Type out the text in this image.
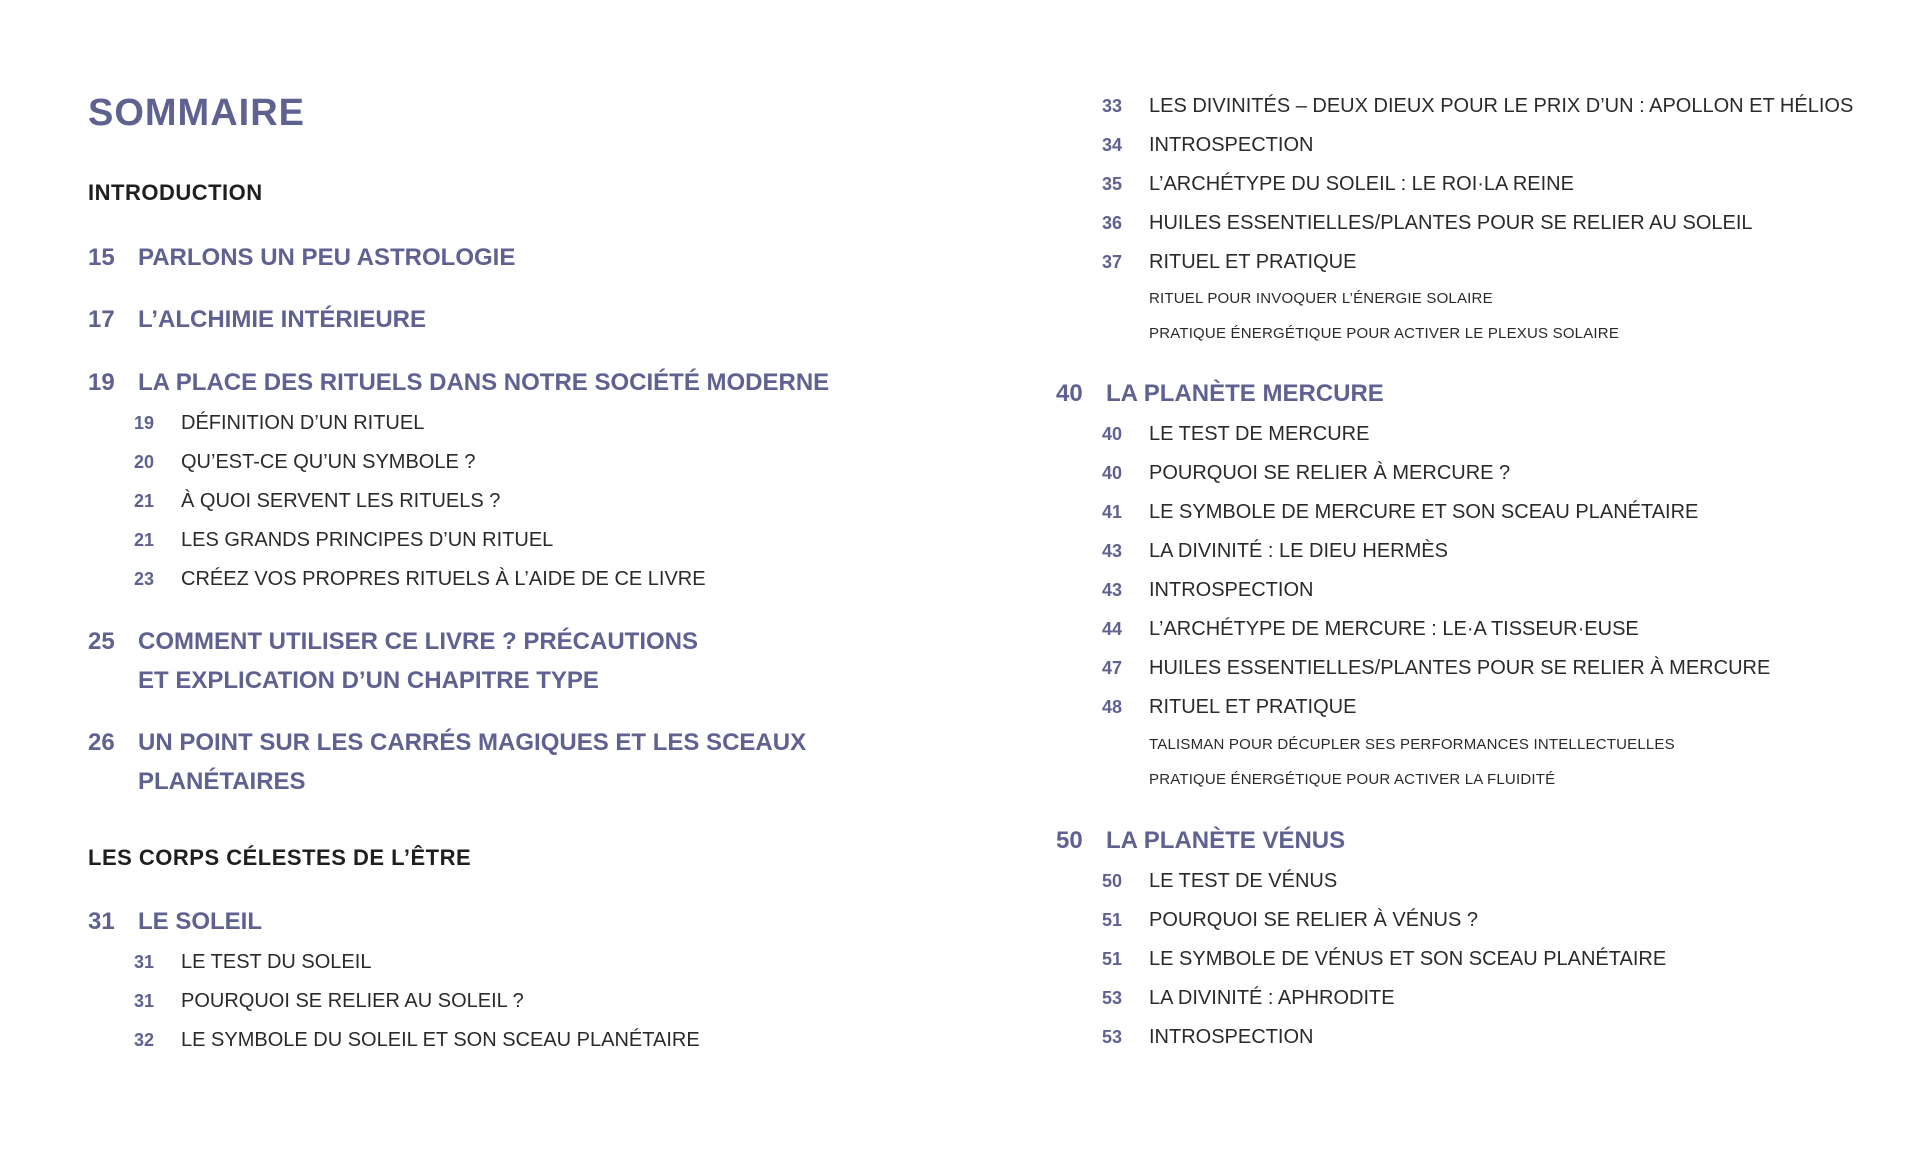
SOMMAIRE
INTRODUCTION
15 PARLONS UN PEU ASTROLOGIE
17 L’ALCHIMIE INTÉRIEURE
19 LA PLACE DES RITUELS DANS NOTRE SOCIÉTÉ MODERNE
19 DÉFINITION D’UN RITUEL
20 QU’EST-CE QU’UN SYMBOLE ?
21 À QUOI SERVENT LES RITUELS ?
21 LES GRANDS PRINCIPES D’UN RITUEL
23 CRÉEZ VOS PROPRES RITUELS À L’AIDE DE CE LIVRE
25 COMMENT UTILISER CE LIVRE ? PRÉCAUTIONS
ET EXPLICATION D’UN CHAPITRE TYPE
26 UN POINT SUR LES CARRÉS MAGIQUES ET LES SCEAUX
PLANÉTAIRES
LES CORPS CÉLESTES DE L’ÊTRE
31 LE SOLEIL
31 LE TEST DU SOLEIL
31 POURQUOI SE RELIER AU SOLEIL ?
32 LE SYMBOLE DU SOLEIL ET SON SCEAU PLANÉTAIRE
33 LES DIVINITÉS – DEUX DIEUX POUR LE PRIX D’UN : APOLLON ET HÉLIOS
34 INTROSPECTION
35 L’ARCHÉTYPE DU SOLEIL : LE ROI·LA REINE
36 HUILES ESSENTIELLES/PLANTES POUR SE RELIER AU SOLEIL
37 RITUEL ET PRATIQUE
RITUEL POUR INVOQUER L’ÉNERGIE SOLAIRE
PRATIQUE ÉNERGÉTIQUE POUR ACTIVER LE PLEXUS SOLAIRE
40 LA PLANÈTE MERCURE
40 LE TEST DE MERCURE
40 POURQUOI SE RELIER À MERCURE ?
41 LE SYMBOLE DE MERCURE ET SON SCEAU PLANÉTAIRE
43 LA DIVINITÉ : LE DIEU HERMÈS
43 INTROSPECTION
44 L’ARCHÉTYPE DE MERCURE : LE·A TISSEUR·EUSE
47 HUILES ESSENTIELLES/PLANTES POUR SE RELIER À MERCURE
48 RITUEL ET PRATIQUE
TALISMAN POUR DÉCUPLER SES PERFORMANCES INTELLECTUELLES
PRATIQUE ÉNERGÉTIQUE POUR ACTIVER LA FLUIDITÉ
50 LA PLANÈTE VÉNUS
50 LE TEST DE VÉNUS
51 POURQUOI SE RELIER À VÉNUS ?
51 LE SYMBOLE DE VÉNUS ET SON SCEAU PLANÉTAIRE
53 LA DIVINITÉ : APHRODITE
53 INTROSPECTION
